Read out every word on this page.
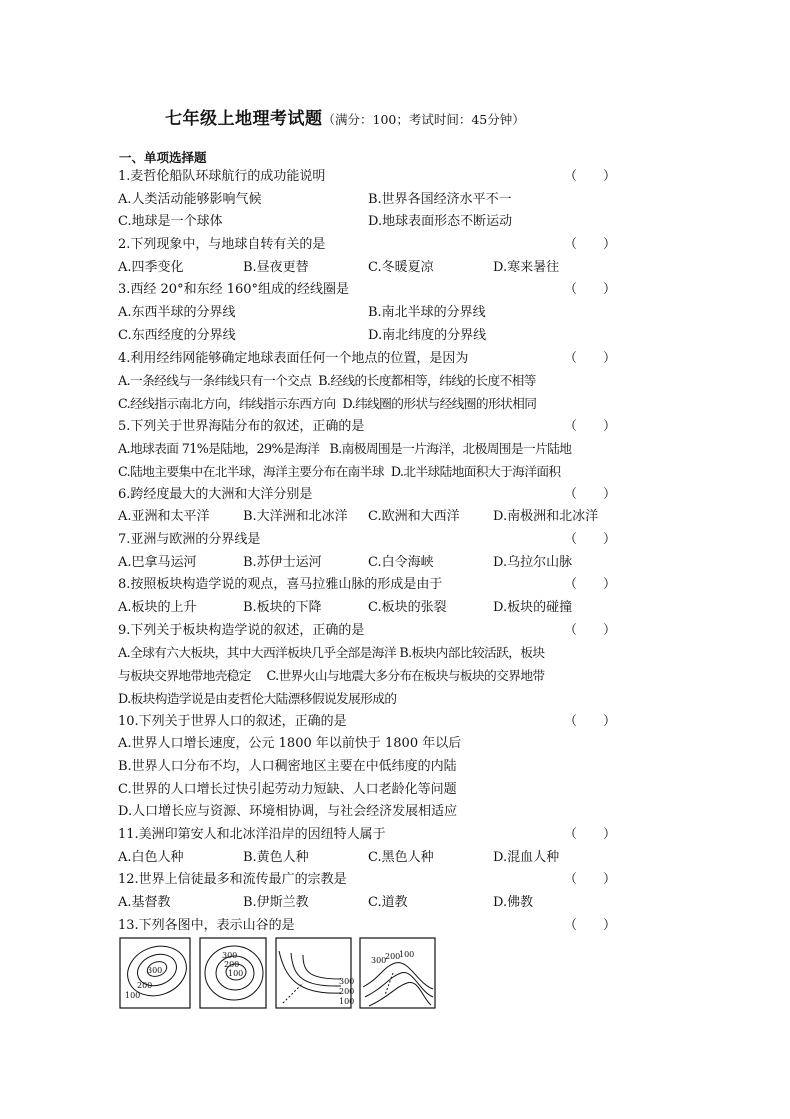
七年级上地理考试题（满分：100；考试时间：45分钟）
一、单项选择题
1.麦哲伦船队环球航行的成功能说明	（　　）
A.人类活动能够影响气候	B.世界各国经济水平不一
C.地球是一个球体	D.地球表面形态不断运动
2.下列现象中，与地球自转有关的是	（　　）
A.四季变化	B.昼夜更替	C.冬暖夏凉	D.寒来暑往
3.西经 20°和东经 160°组成的经线圈是	（　　）
A.东西半球的分界线	B.南北半球的分界线
C.东西经度的分界线	D.南北纬度的分界线
4.利用经纬网能够确定地球表面任何一个地点的位置，是因为	（　　）
A.一条经线与一条纬线只有一个交点 B.经线的长度都相等，纬线的长度不相等
C.经线指示南北方向，纬线指示东西方向 D.纬线圈的形状与经线圈的形状相同
5.下列关于世界海陆分布的叙述，正确的是	（　　）
A.地球表面 71%是陆地，29%是海洋 B.南极周围是一片海洋，北极周围是一片陆地
C.陆地主要集中在北半球，海洋主要分布在南半球 D.北半球陆地面积大于海洋面积
6.跨经度最大的大洲和大洋分别是	（　　）
A.亚洲和太平洋	B.大洋洲和北冰洋	C.欧洲和大西洋	D.南极洲和北冰洋
7.亚洲与欧洲的分界线是	（　　）
A.巴拿马运河	B.苏伊士运河	C.白令海峡	D.乌拉尔山脉
8.按照板块构造学说的观点，喜马拉雅山脉的形成是由于	（　　）
A.板块的上升	B.板块的下降	C.板块的张裂	D.板块的碰撞
9.下列关于板块构造学说的叙述，正确的是	（　　）
A.全球有六大板块，其中大西洋板块几乎全部是海洋 B.板块内部比较活跃，板块
与板块交界地带地壳稳定　 C.世界火山与地震大多分布在板块与板块的交界地带
D.板块构造学说是由麦哲伦大陆漂移假说发展形成的
10.下列关于世界人口的叙述，正确的是	（　　）
A.世界人口增长速度，公元 1800 年以前快于 1800 年以后
B.世界人口分布不均，人口稠密地区主要在中低纬度的内陆
C.世界的人口增长过快引起劳动力短缺、人口老龄化等问题
D.人口增长应与资源、环境相协调，与社会经济发展相适应
11.美洲印第安人和北冰洋沿岸的因纽特人属于	（　　）
A.白色人种	B.黄色人种	C.黑色人种	D.混血人种
12.世界上信徒最多和流传最广的宗教是	（　　）
A.基督教	B.伊斯兰教	C.道教	D.佛教
13.下列各图中，表示山谷的是	（　　）
300
200
100
300
200
100
300
200
100
300
200
100
